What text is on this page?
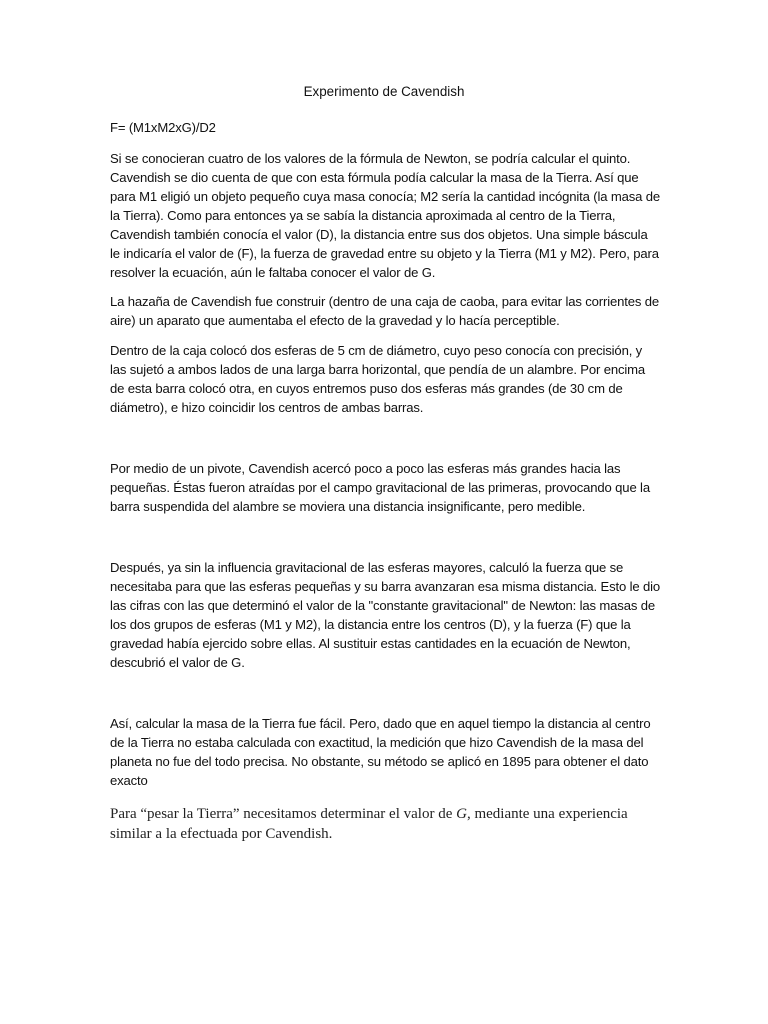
Experimento de Cavendish

F= (M1xM2xG)/D2

Si se conocieran cuatro de los valores de la fórmula de Newton, se podría calcular el quinto. Cavendish se dio cuenta de que con esta fórmula podía calcular la masa de la Tierra. Así que para M1 eligió un objeto pequeño cuya masa conocía; M2 sería la cantidad incógnita (la masa de la Tierra). Como para entonces ya se sabía la distancia aproximada al centro de la Tierra, Cavendish también conocía el valor (D), la distancia entre sus dos objetos. Una simple báscula le indicaría el valor de (F), la fuerza de gravedad entre su objeto y la Tierra (M1 y M2). Pero, para resolver la ecuación, aún le faltaba conocer el valor de G.

La hazaña de Cavendish fue construir (dentro de una caja de caoba, para evitar las corrientes de aire) un aparato que aumentaba el efecto de la gravedad y lo hacía perceptible.

Dentro de la caja colocó dos esferas de 5 cm de diámetro, cuyo peso conocía con precisión, y las sujetó a ambos lados de una larga barra horizontal, que pendía de un alambre. Por encima de esta barra colocó otra, en cuyos entremos puso dos esferas más grandes (de 30 cm de diámetro), e hizo coincidir los centros de ambas barras.

Por medio de un pivote, Cavendish acercó poco a poco las esferas más grandes hacia las pequeñas. Éstas fueron atraídas por el campo gravitacional de las primeras, provocando que la barra suspendida del alambre se moviera una distancia insignificante, pero medible.

Después, ya sin la influencia gravitacional de las esferas mayores, calculó la fuerza que se necesitaba para que las esferas pequeñas y su barra avanzaran esa misma distancia. Esto le dio las cifras con las que determinó el valor de la "constante gravitacional" de Newton: las masas de los dos grupos de esferas (M1 y M2), la distancia entre los centros (D), y la fuerza (F) que la gravedad había ejercido sobre ellas. Al sustituir estas cantidades en la ecuación de Newton, descubrió el valor de G.

Así, calcular la masa de la Tierra fue fácil. Pero, dado que en aquel tiempo la distancia al centro de la Tierra no estaba calculada con exactitud, la medición que hizo Cavendish de la masa del planeta no fue del todo precisa. No obstante, su método se aplicó en 1895 para obtener el dato exacto

Para “pesar la Tierra” necesitamos determinar el valor de G, mediante una experiencia similar a la efectuada por Cavendish.
